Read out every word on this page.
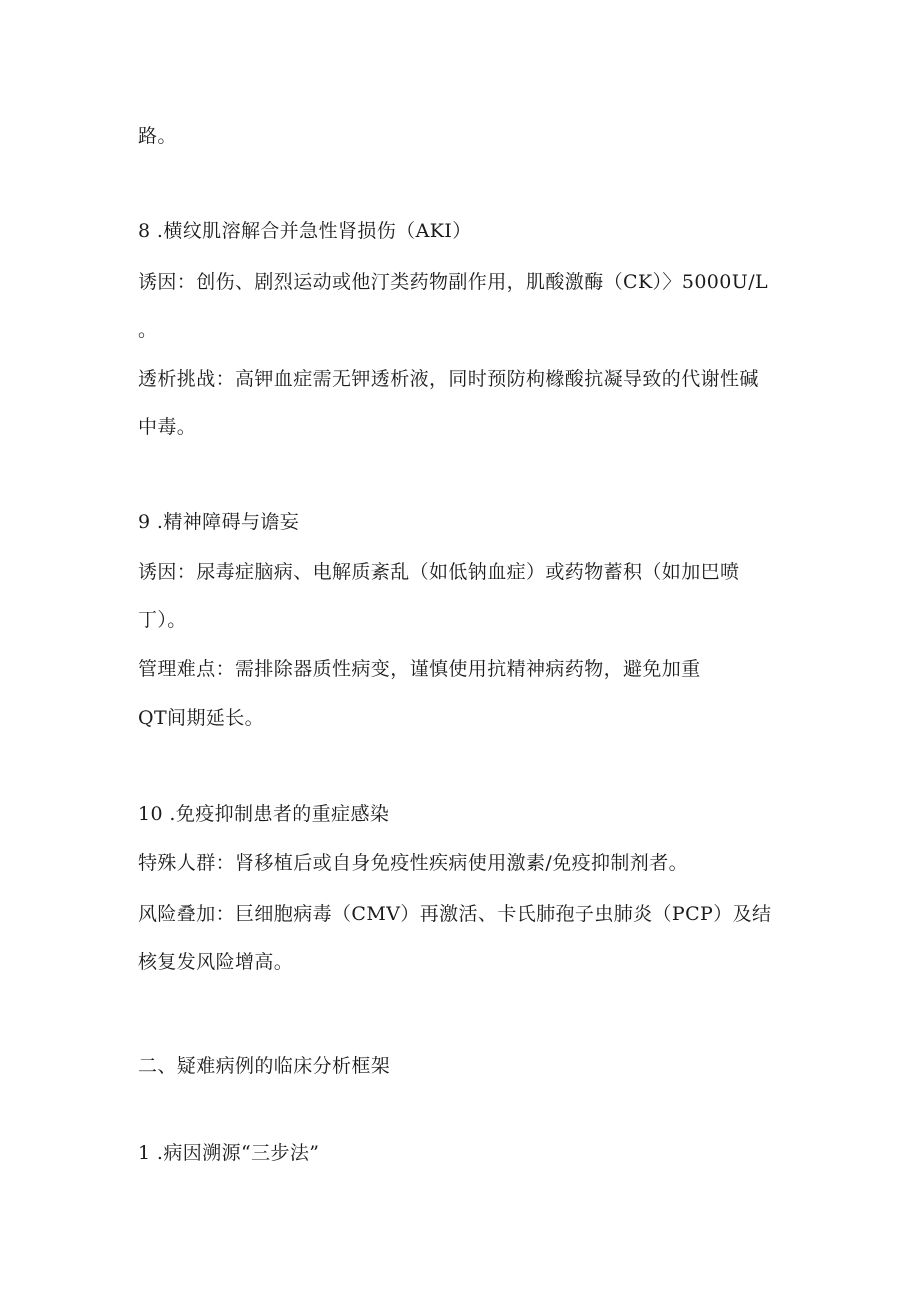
路。

8 .横纹肌溶解合并急性肾损伤（AKI）

诱因：创伤、剧烈运动或他汀类药物副作用，肌酸激酶（CK）〉5000U/L

。

透析挑战：高钾血症需无钾透析液，同时预防枸橼酸抗凝导致的代谢性碱

中毒。

9 .精神障碍与谵妄

诱因：尿毒症脑病、电解质紊乱（如低钠血症）或药物蓄积（如加巴喷

丁）。

管理难点：需排除器质性病变，谨慎使用抗精神病药物，避免加重

QT间期延长。

10 .免疫抑制患者的重症感染

特殊人群：肾移植后或自身免疫性疾病使用激素/免疫抑制剂者。

风险叠加：巨细胞病毒（CMV）再激活、卡氏肺孢子虫肺炎（PCP）及结

核复发风险增高。

二、疑难病例的临床分析框架

1 .病因溯源“三步法”
